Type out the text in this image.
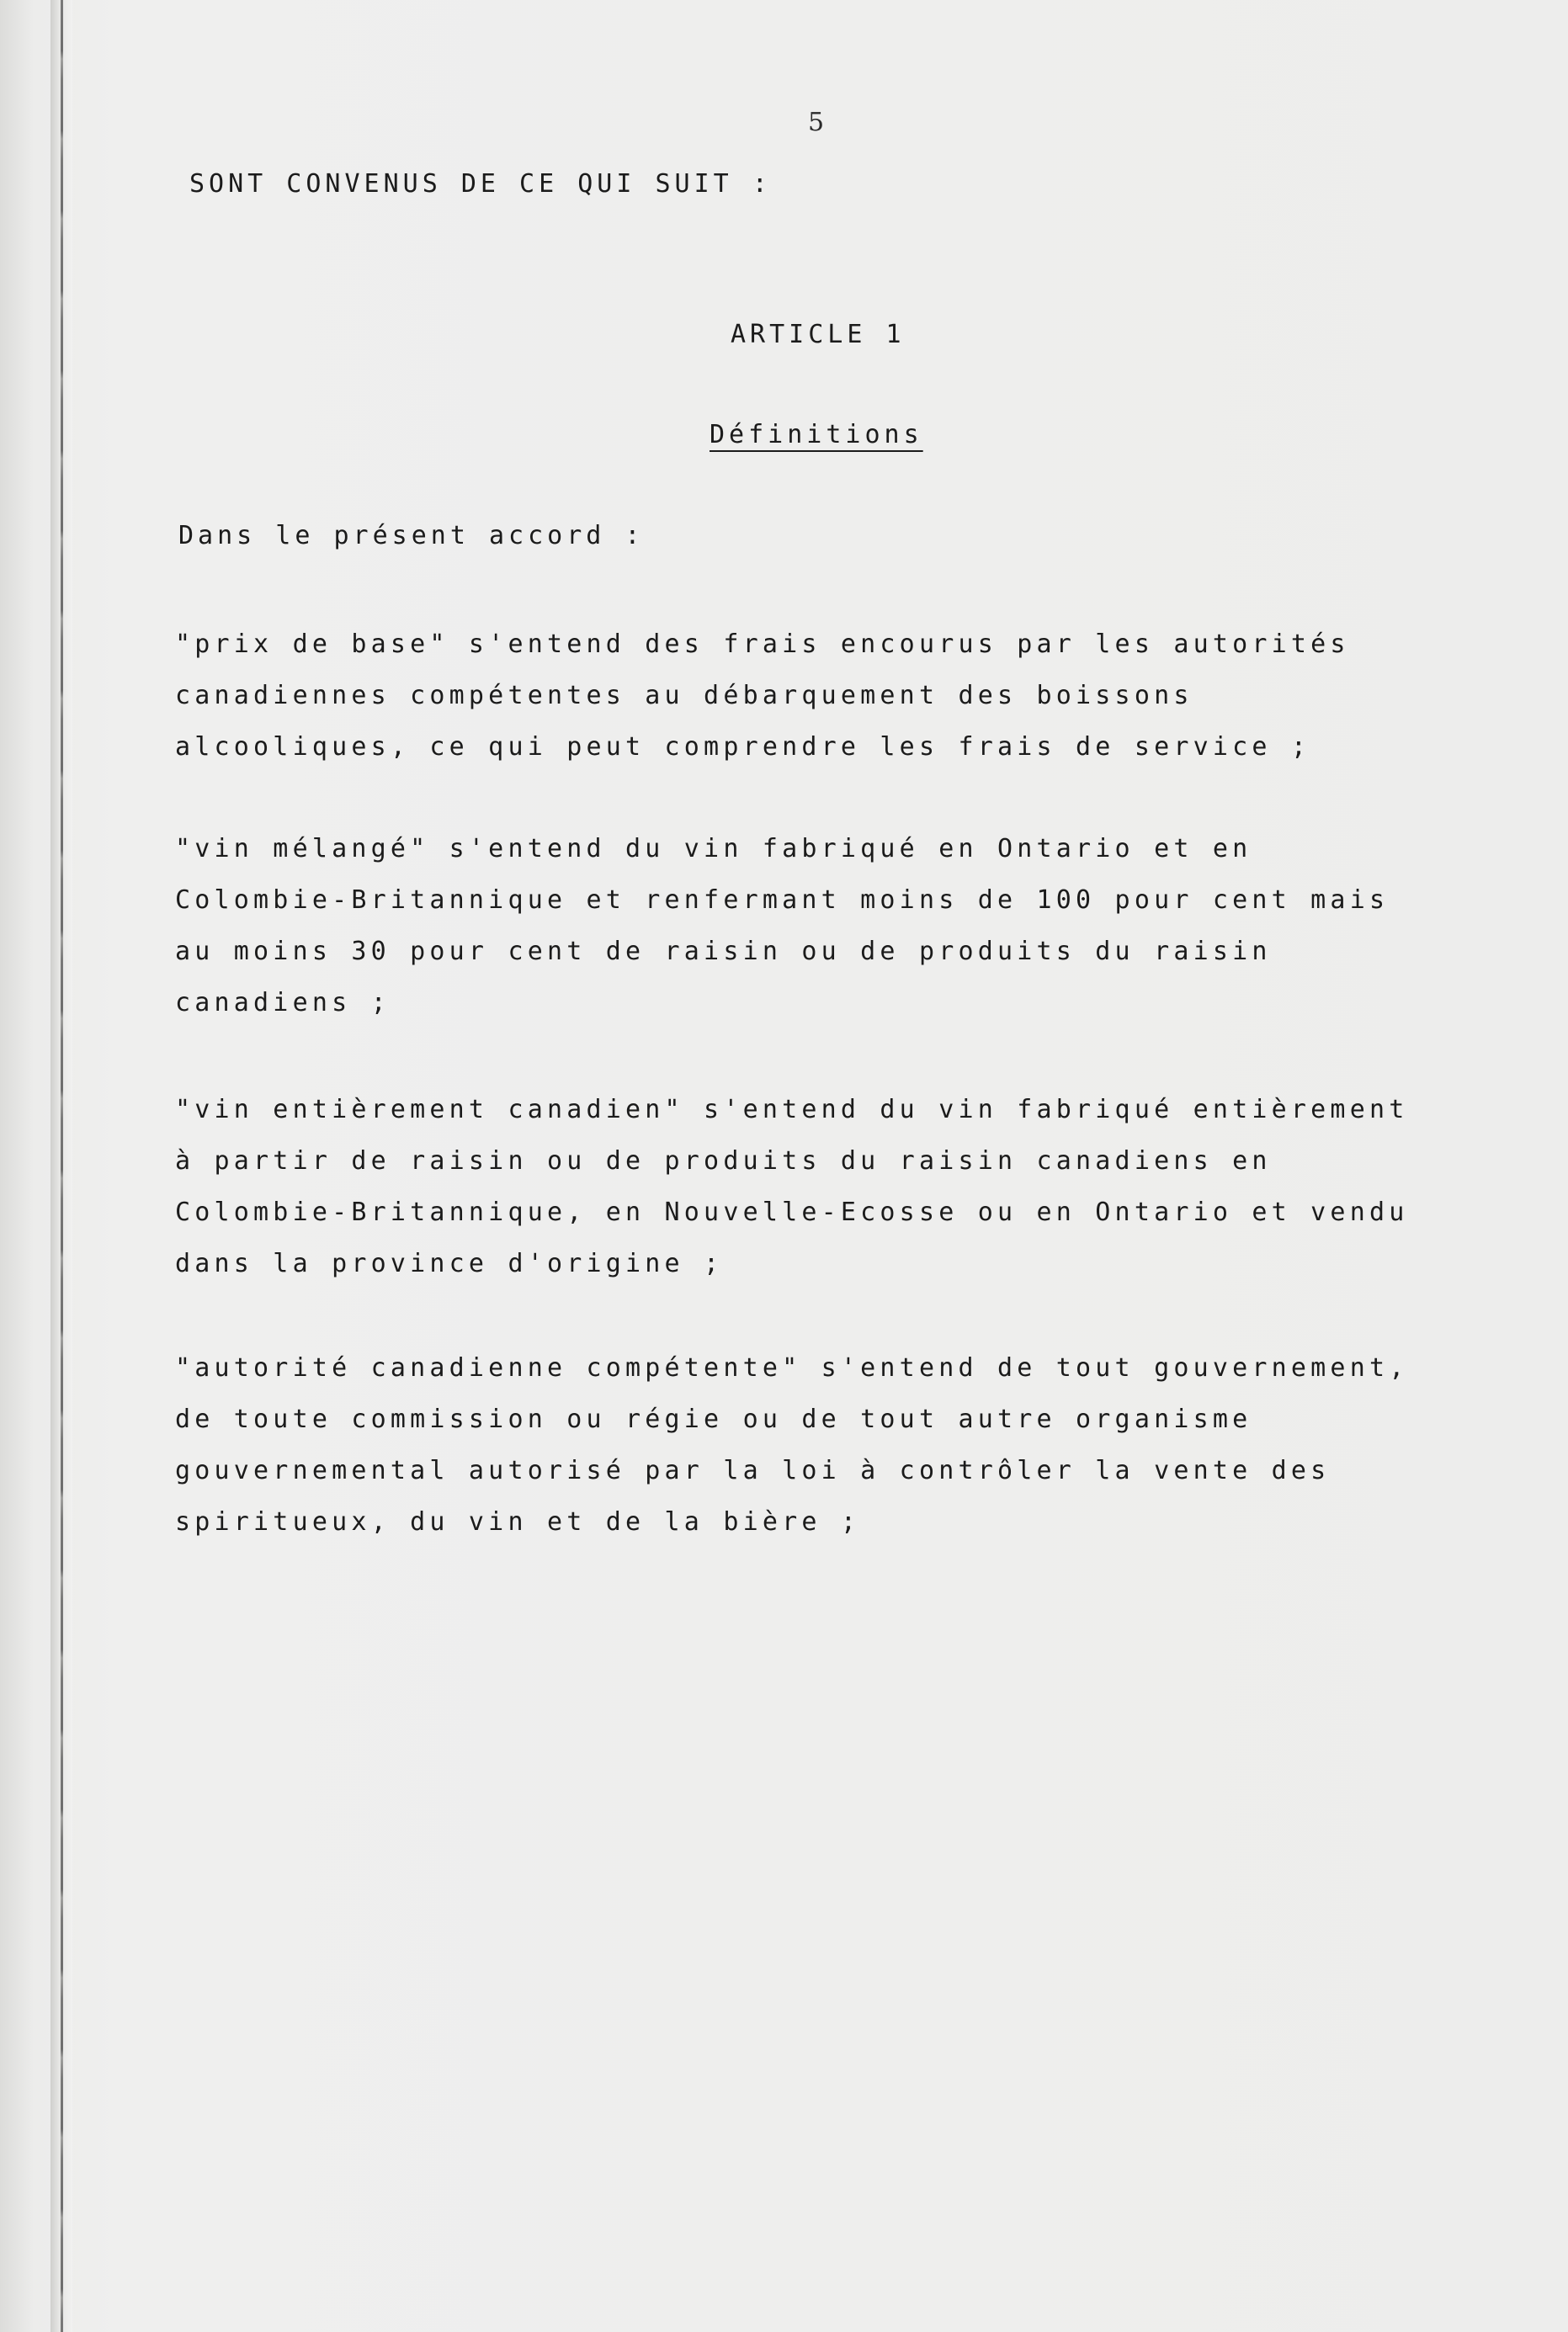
5
SONT CONVENUS DE CE QUI SUIT :
ARTICLE 1
Définitions
Dans le présent accord :

"prix de base" s'entend des frais encourus par les autorités

canadiennes compétentes au débarquement des boissons

alcooliques, ce qui peut comprendre les frais de service ;

"vin mélangé" s'entend du vin fabriqué en Ontario et en

Colombie-Britannique et renfermant moins de 100 pour cent mais

au moins 30 pour cent de raisin ou de produits du raisin

canadiens ;

"vin entièrement canadien" s'entend du vin fabriqué entièrement

à partir de raisin ou de produits du raisin canadiens en

Colombie-Britannique, en Nouvelle-Ecosse ou en Ontario et vendu

dans la province d'origine ;

"autorité canadienne compétente" s'entend de tout gouvernement,

de toute commission ou régie ou de tout autre organisme

gouvernemental autorisé par la loi à contrôler la vente des

spiritueux, du vin et de la bière ;
